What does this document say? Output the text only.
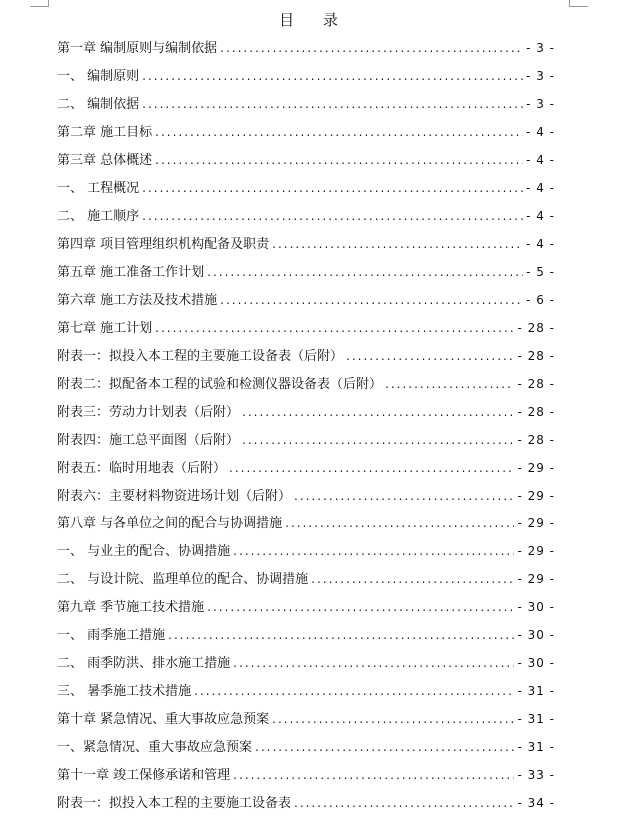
目 录
第一章 编制原则与编制依据 .....	- 3 -
一、 编制原则 .....	- 3 -
二、 编制依据 .....	- 3 -
第二章 施工目标 .....	- 4 -
第三章 总体概述 .....	- 4 -
一、 工程概况 .....	- 4 -
二、 施工顺序 .....	- 4 -
第四章 项目管理组织机构配备及职责 .....	- 4 -
第五章 施工准备工作计划 .....	- 5 -
第六章 施工方法及技术措施 .....	- 6 -
第七章 施工计划 .....	- 28 -
附表一：拟投入本工程的主要施工设备表（后附） .....	- 28 -
附表二：拟配备本工程的试验和检测仪器设备表（后附） .....	- 28 -
附表三：劳动力计划表（后附） .....	- 28 -
附表四：施工总平面图（后附） .....	- 28 -
附表五：临时用地表（后附） .....	- 29 -
附表六：主要材料物资进场计划（后附） .....	- 29 -
第八章 与各单位之间的配合与协调措施 .....	- 29 -
一、 与业主的配合、协调措施 .....	- 29 -
二、 与设计院、监理单位的配合、协调措施 .....	- 29 -
第九章 季节施工技术措施 .....	- 30 -
一、 雨季施工措施 .....	- 30 -
二、 雨季防洪、排水施工措施 .....	- 30 -
三、 暑季施工技术措施 .....	- 31 -
第十章 紧急情况、重大事故应急预案 .....	- 31 -
一、紧急情况、重大事故应急预案 .....	- 31 -
第十一章 竣工保修承诺和管理 .....	- 33 -
附表一：拟投入本工程的主要施工设备表 .....	- 34 -
